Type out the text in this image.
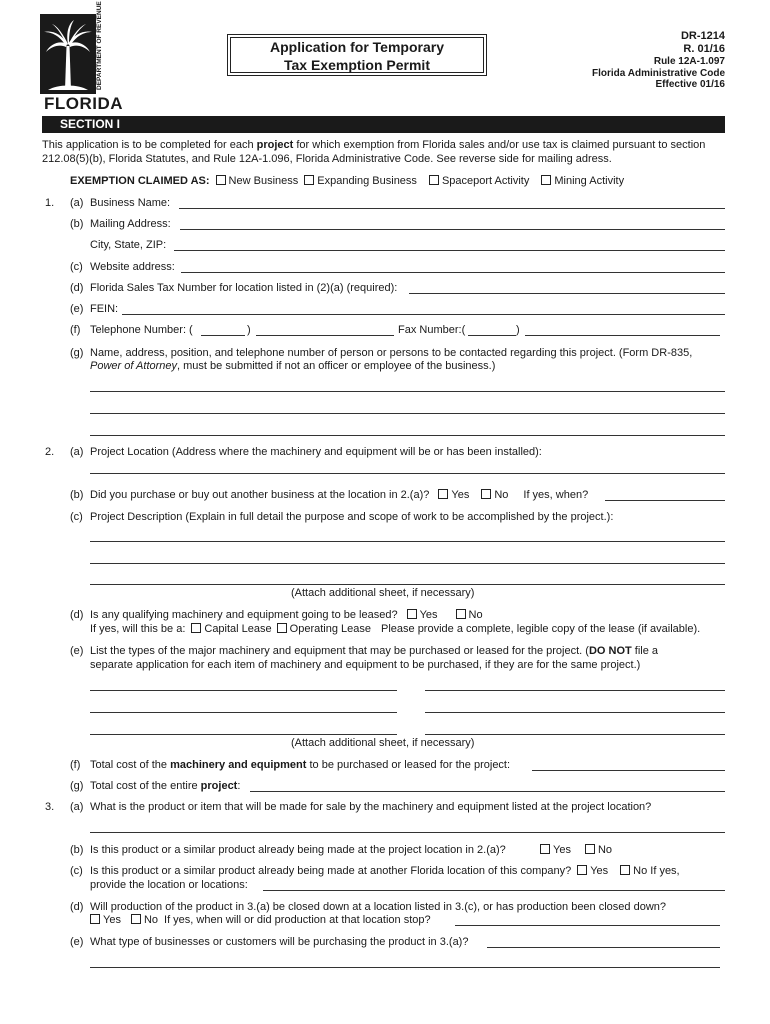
DEPARTMENT OF REVENUE
FLORIDA
Application for Temporary
Tax Exemption Permit
DR-1214
R. 01/16
Rule 12A-1.097
Florida Administrative Code
Effective 01/16
SECTION I
This application is to be completed for each project for which exemption from Florida sales and/or use tax is claimed pursuant to section 212.08(5)(b), Florida Statutes, and Rule 12A-1.096, Florida Administrative Code. See reverse side for mailing adress.
EXEMPTION CLAIMED AS: New Business Expanding Business Spaceport Activity Mining Activity
1. (a) Business Name:
(b) Mailing Address:
City, State, ZIP:
(c) Website address:
(d) Florida Sales Tax Number for location listed in (2)(a) (required):
(e) FEIN:
(f) Telephone Number: (	)	Fax Number:(	)
(g) Name, address, position, and telephone number of person or persons to be contacted regarding this project. (Form DR-835,
Power of Attorney, must be submitted if not an officer or employee of the business.)
2. (a) Project Location (Address where the machinery and equipment will be or has been installed):
(b) Did you purchase or buy out another business at the location in 2.(a)? Yes No If yes, when?
(c) Project Description (Explain in full detail the purpose and scope of work to be accomplished by the project.):
(Attach additional sheet, if necessary)
(d) Is any qualifying machinery and equipment going to be leased? Yes	No
If yes, will this be a: Capital Lease Operating Lease Please provide a complete, legible copy of the lease (if available).
(e) List the types of the major machinery and equipment that may be purchased or leased for the project. (DO NOT file a
separate application for each item of machinery and equipment to be purchased, if they are for the same project.)
(Attach additional sheet, if necessary)
(f) Total cost of the machinery and equipment to be purchased or leased for the project:
(g) Total cost of the entire project:
3. (a) What is the product or item that will be made for sale by the machinery and equipment listed at the project location?
(b) Is this product or a similar product already being made at the project location in 2.(a)?	Yes No
(c) Is this product or a similar product already being made at another Florida location of this company? Yes No If yes,
provide the location or locations:
(d) Will production of the product in 3.(a) be closed down at a location listed in 3.(c), or has production been closed down?
Yes No If yes, when will or did production at that location stop?
(e) What type of businesses or customers will be purchasing the product in 3.(a)?
